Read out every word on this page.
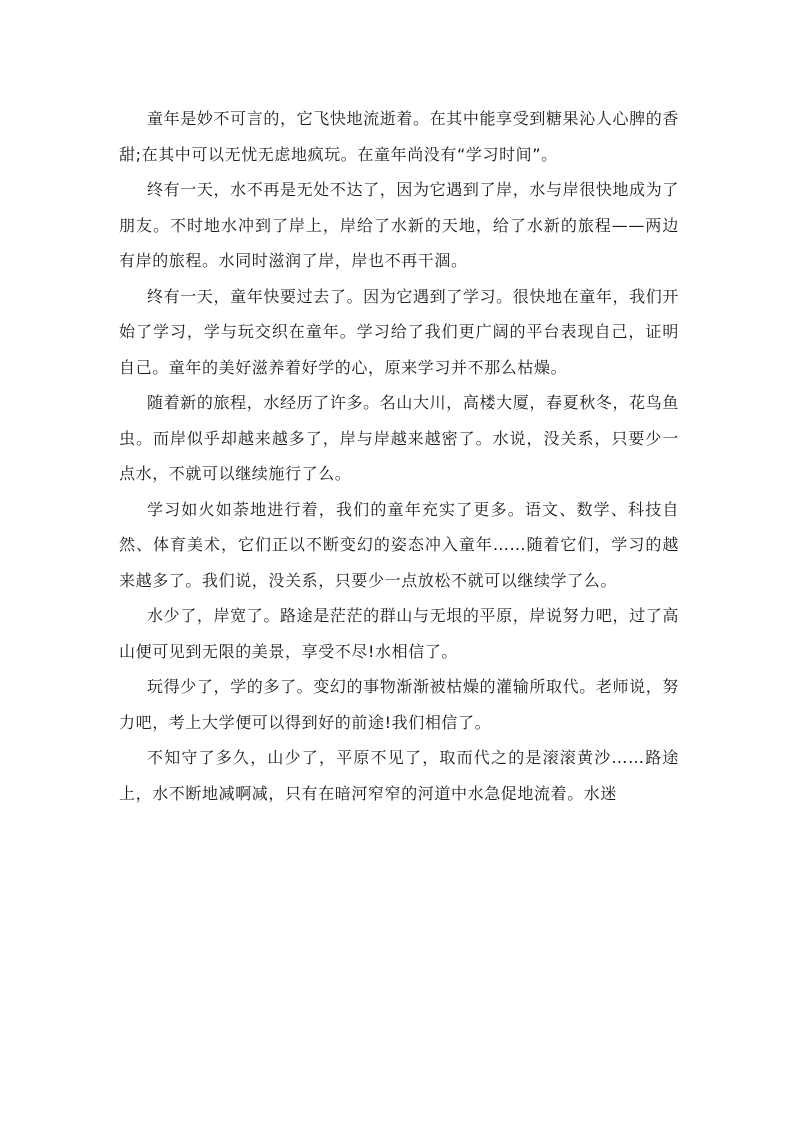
童年是妙不可言的，它飞快地流逝着。在其中能享受到糖果沁人心脾的香甜;在其中可以无忧无虑地疯玩。在童年尚没有“学习时间”。

终有一天，水不再是无处不达了，因为它遇到了岸，水与岸很快地成为了朋友。不时地水冲到了岸上，岸给了水新的天地，给了水新的旅程——两边有岸的旅程。水同时滋润了岸，岸也不再干涸。

终有一天，童年快要过去了。因为它遇到了学习。很快地在童年，我们开始了学习，学与玩交织在童年。学习给了我们更广阔的平台表现自己，证明自己。童年的美好滋养着好学的心，原来学习并不那么枯燥。

随着新的旅程，水经历了许多。名山大川，高楼大厦，春夏秋冬，花鸟鱼虫。而岸似乎却越来越多了，岸与岸越来越密了。水说，没关系，只要少一点水，不就可以继续施行了么。

学习如火如荼地进行着，我们的童年充实了更多。语文、数学、科技自然、体育美术，它们正以不断变幻的姿态冲入童年……随着它们，学习的越来越多了。我们说，没关系，只要少一点放松不就可以继续学了么。

水少了，岸宽了。路途是茫茫的群山与无垠的平原，岸说努力吧，过了高山便可见到无限的美景，享受不尽!水相信了。

玩得少了，学的多了。变幻的事物渐渐被枯燥的灌输所取代。老师说，努力吧，考上大学便可以得到好的前途!我们相信了。

不知守了多久，山少了，平原不见了，取而代之的是滚滚黄沙……路途上，水不断地减啊减，只有在暗河窄窄的河道中水急促地流着。水迷
